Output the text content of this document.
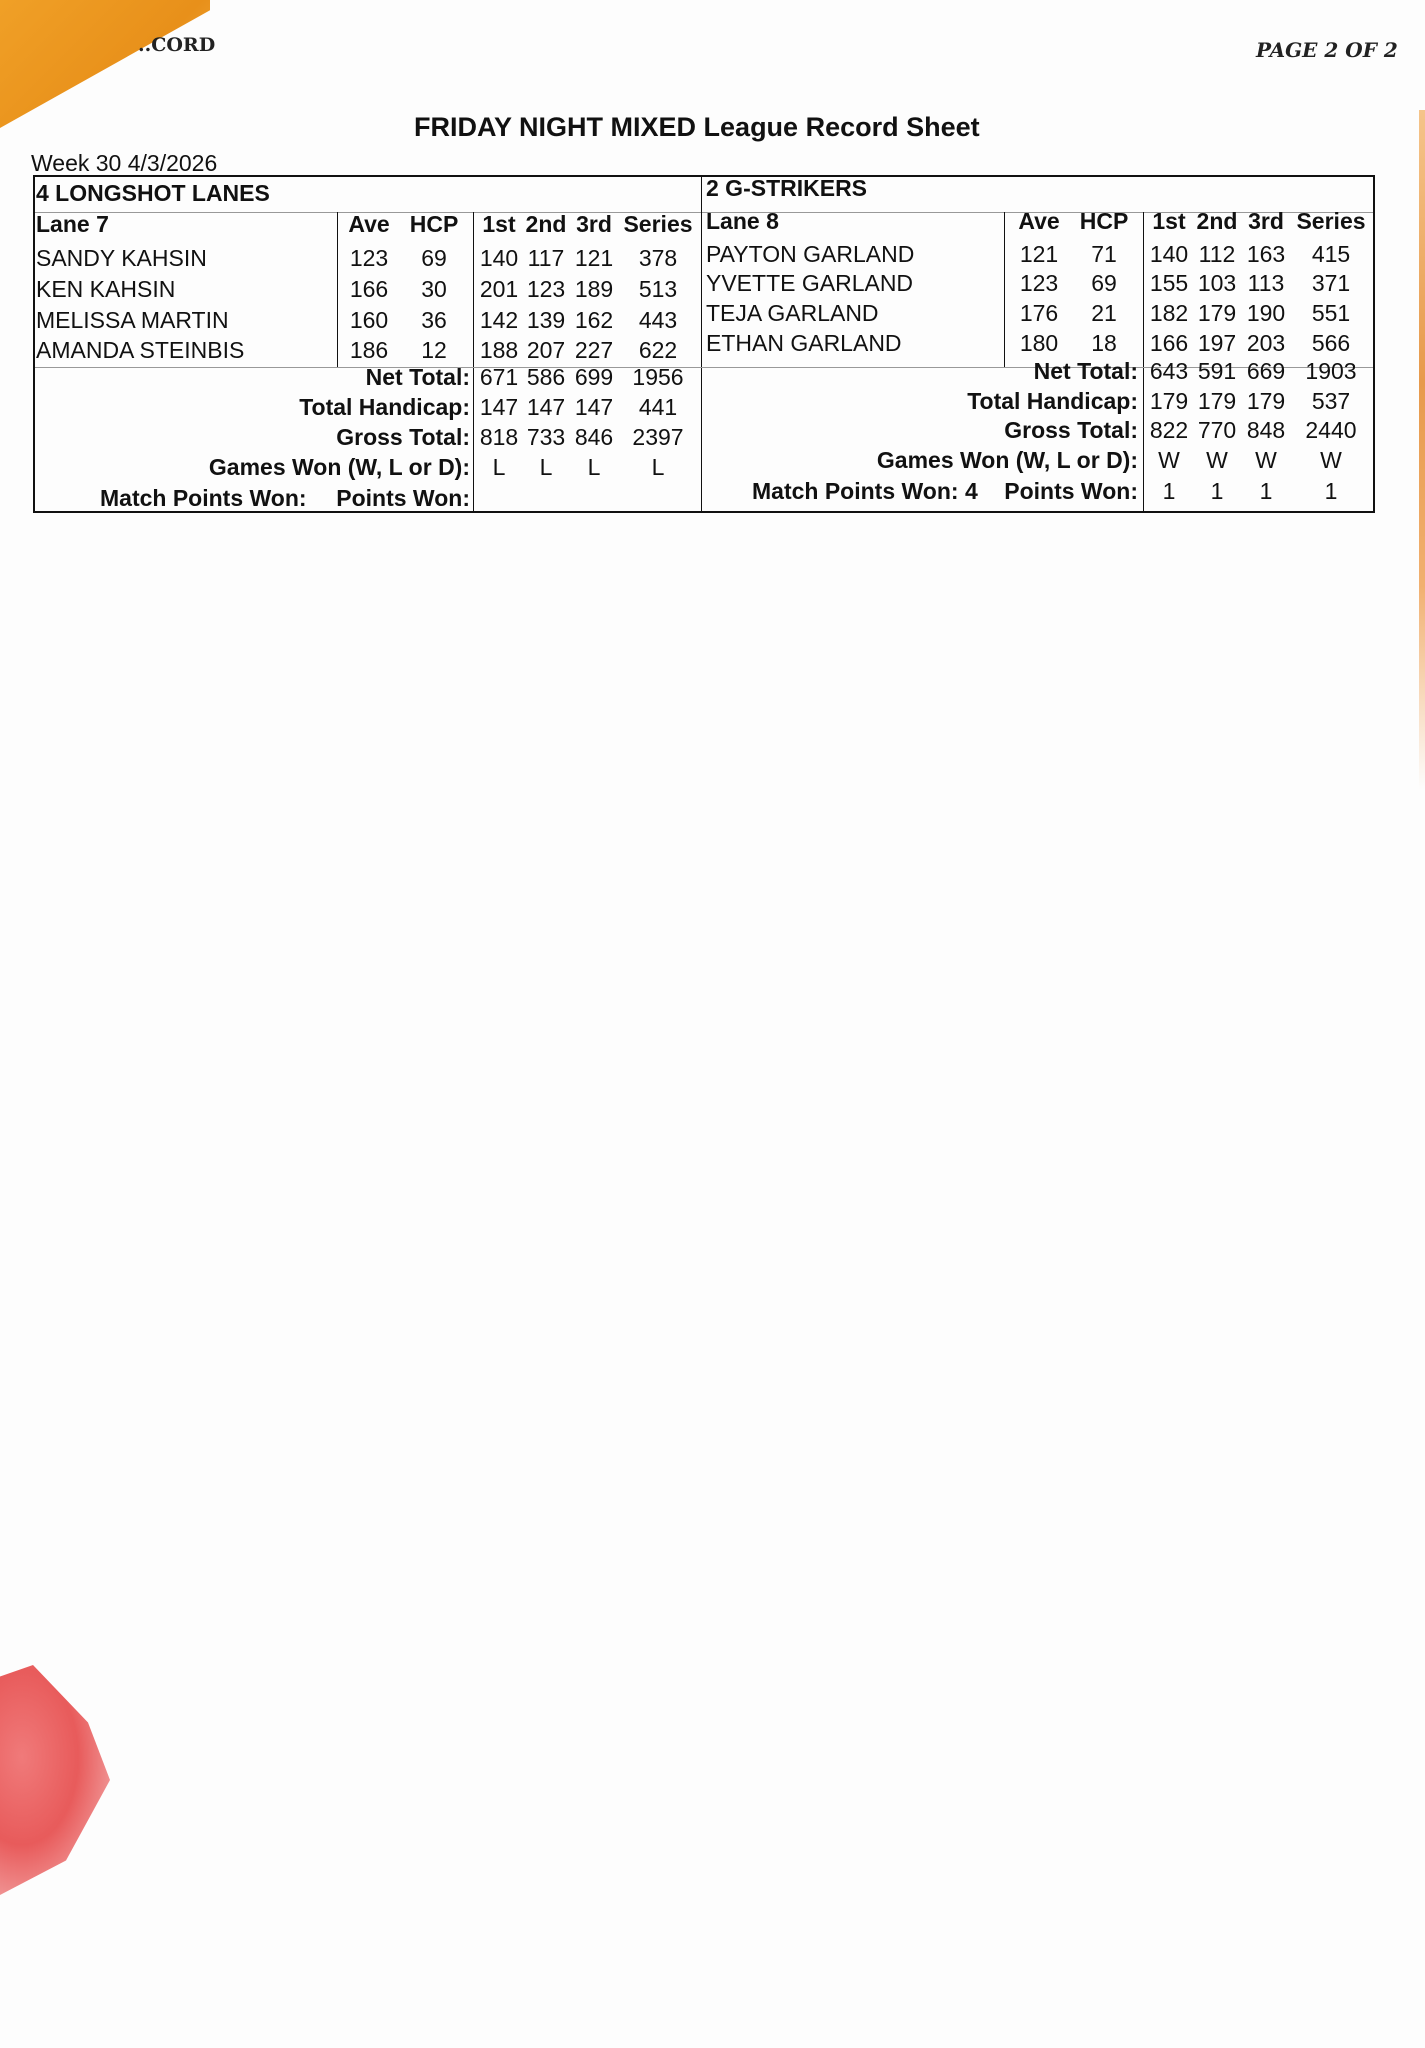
..CORD	PAGE 2 OF 2
FRIDAY NIGHT MIXED League Record Sheet
Week 30 4/3/2026
4 LONGSHOT LANES
Lane 7	Ave HCP 1st 2nd 3rd Series
SANDY KAHSIN	123	69	140 117 121	378
KEN KAHSIN	166	30	201 123 189	513
MELISSA MARTIN	160	36	142 139 162	443
AMANDA STEINBIS	186	12	188 207 227	622
Net Total: 671 586 699 1956
Total Handicap: 147 147 147	441
Gross Total: 818 733 846 2397
Games Won (W, L or D): L	L	L	L
Match Points Won:	Points Won:
2 G-STRIKERS
Lane 8	Ave HCP 1st 2nd 3rd Series
PAYTON GARLAND	121	71	140 112 163	415
YVETTE GARLAND	123	69	155 103 113	371
TEJA GARLAND	176	21	182 179 190	551
ETHAN GARLAND	180	18	166 197 203	566
Net Total: 643 591 669 1903
Total Handicap: 179 179 179	537
Gross Total: 822 770 848 2440
Games Won (W, L or D): W	W	W	W
Match Points Won: 4	Points Won:	1	1	1	1
